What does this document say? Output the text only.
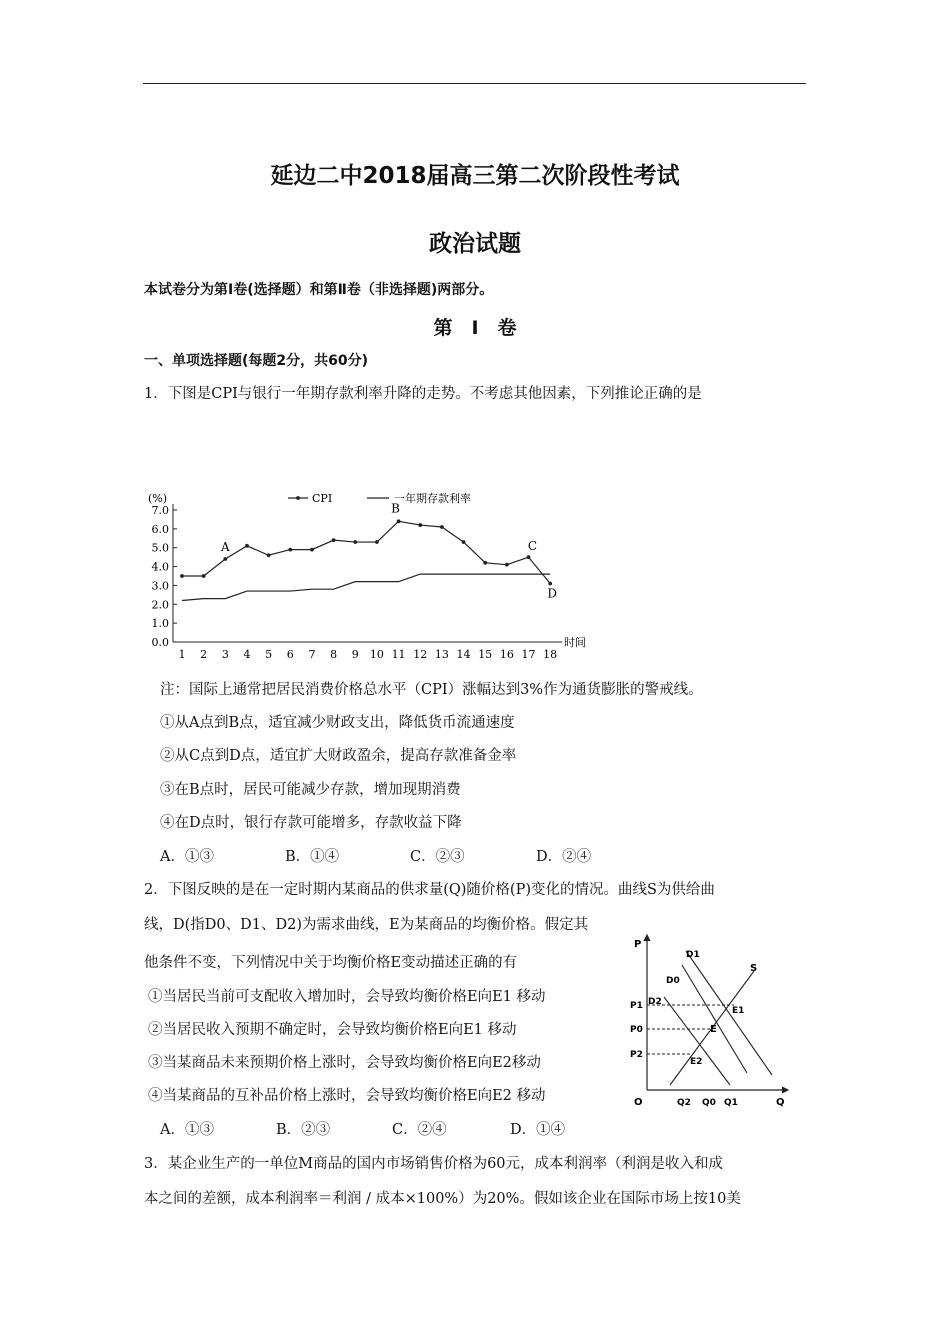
延边二中2018届高三第二次阶段性考试
政治试题
本试卷分为第Ⅰ卷(选择题）和第Ⅱ卷（非选择题)两部分。
第　Ⅰ　卷
一、单项选择题(每题2分，共60分)
1．下图是CPI与银行一年期存款利率升降的走势。不考虑其他因素，下列推论正确的是
CPI	一年期存款利率
0.0
1.0
2.0
3.0
4.0
5.0
6.0
7.0
1 2 3 4 5 6 7 8 9 10 11 12 13 14 15 16 17 18
(%)
时间
A
B
C
D
注：国际上通常把居民消费价格总水平（CPI）涨幅达到3%作为通货膨胀的警戒线。
①从A点到B点，适宜减少财政支出，降低货币流通速度
②从C点到D点，适宜扩大财政盈余，提高存款准备金率
③在B点时，居民可能减少存款，增加现期消费
④在D点时，银行存款可能增多，存款收益下降
A．①③	B．①④	C．②③	D．②④
2．下图反映的是在一定时期内某商品的供求量(Q)随价格(P)变化的情况。曲线S为供给曲
线，D(指D0、D1、D2)为需求曲线，E为某商品的均衡价格。假定其
他条件不变，下列情况中关于均衡价格E变动描述正确的有
①当居民当前可支配收入增加时，会导致均衡价格E向E1 移动
②当居民收入预期不确定时，会导致均衡价格E向E1 移动
③当某商品未来预期价格上涨时，会导致均衡价格E向E2移动
④当某商品的互补品价格上涨时，会导致均衡价格E向E2 移动
A．①③	B．②③	C．②④	D．①④
P
Q
O
P1
P0
P2
Q2 Q0 Q1
D1
D0
D2
S
E
E1
E2
3．某企业生产的一单位M商品的国内市场销售价格为60元，成本利润率（利润是收入和成
本之间的差额，成本利润率＝利润 / 成本×100%）为20%。假如该企业在国际市场上按10美
